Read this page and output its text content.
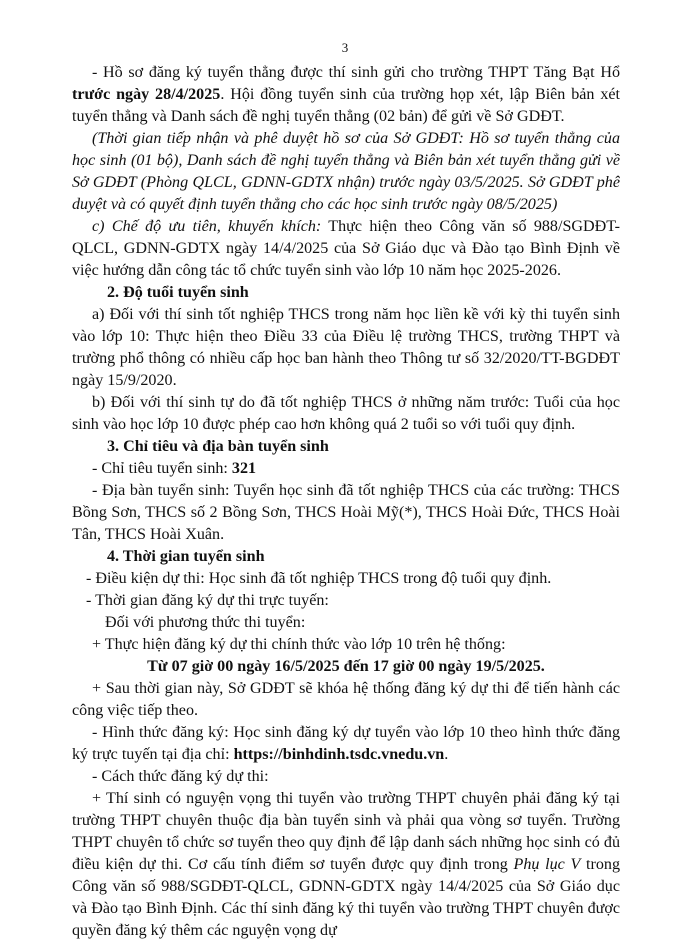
3

- Hồ sơ đăng ký tuyển thẳng được thí sinh gửi cho trường THPT Tăng Bạt Hổ trước ngày 28/4/2025. Hội đồng tuyển sinh của trường họp xét, lập Biên bản xét tuyển thẳng và Danh sách đề nghị tuyển thẳng (02 bản) để gửi về Sở GDĐT.

(Thời gian tiếp nhận và phê duyệt hồ sơ của Sở GDĐT: Hồ sơ tuyển thẳng của học sinh (01 bộ), Danh sách đề nghị tuyển thẳng và Biên bản xét tuyển thẳng gửi về Sở GDĐT (Phòng QLCL, GDNN-GDTX nhận) trước ngày 03/5/2025. Sở GDĐT phê duyệt và có quyết định tuyển thẳng cho các học sinh trước ngày 08/5/2025)

c) Chế độ ưu tiên, khuyến khích: Thực hiện theo Công văn số 988/SGDĐT-QLCL, GDNN-GDTX ngày 14/4/2025 của Sở Giáo dục và Đào tạo Bình Định về việc hướng dẫn công tác tổ chức tuyển sinh vào lớp 10 năm học 2025-2026.

2. Độ tuổi tuyển sinh

a) Đối với thí sinh tốt nghiệp THCS trong năm học liền kề với kỳ thi tuyển sinh vào lớp 10: Thực hiện theo Điều 33 của Điều lệ trường THCS, trường THPT và trường phổ thông có nhiều cấp học ban hành theo Thông tư số 32/2020/TT-BGDĐT ngày 15/9/2020.

b) Đối với thí sinh tự do đã tốt nghiệp THCS ở những năm trước: Tuổi của học sinh vào học lớp 10 được phép cao hơn không quá 2 tuổi so với tuổi quy định.

3. Chỉ tiêu và địa bàn tuyển sinh

- Chỉ tiêu tuyển sinh: 321

- Địa bàn tuyển sinh: Tuyển học sinh đã tốt nghiệp THCS của các trường: THCS Bồng Sơn, THCS số 2 Bồng Sơn, THCS Hoài Mỹ(*), THCS Hoài Đức, THCS Hoài Tân, THCS Hoài Xuân.

4. Thời gian tuyển sinh

- Điều kiện dự thi: Học sinh đã tốt nghiệp THCS trong độ tuổi quy định.

- Thời gian đăng ký dự thi trực tuyến:

Đối với phương thức thi tuyển:

+ Thực hiện đăng ký dự thi chính thức vào lớp 10 trên hệ thống:

Từ 07 giờ 00 ngày 16/5/2025 đến 17 giờ 00 ngày 19/5/2025.

+ Sau thời gian này, Sở GDĐT sẽ khóa hệ thống đăng ký dự thi để tiến hành các công việc tiếp theo.

- Hình thức đăng ký: Học sinh đăng ký dự tuyển vào lớp 10 theo hình thức đăng ký trực tuyến tại địa chỉ: https://binhdinh.tsdc.vnedu.vn.

- Cách thức đăng ký dự thi:

+ Thí sinh có nguyện vọng thi tuyển vào trường THPT chuyên phải đăng ký tại trường THPT chuyên thuộc địa bàn tuyển sinh và phải qua vòng sơ tuyển. Trường THPT chuyên tổ chức sơ tuyển theo quy định để lập danh sách những học sinh có đủ điều kiện dự thi. Cơ cấu tính điểm sơ tuyển được quy định trong Phụ lục V trong Công văn số 988/SGDĐT-QLCL, GDNN-GDTX ngày 14/4/2025 của Sở Giáo dục và Đào tạo Bình Định. Các thí sinh đăng ký thi tuyển vào trường THPT chuyên được quyền đăng ký thêm các nguyện vọng dự
